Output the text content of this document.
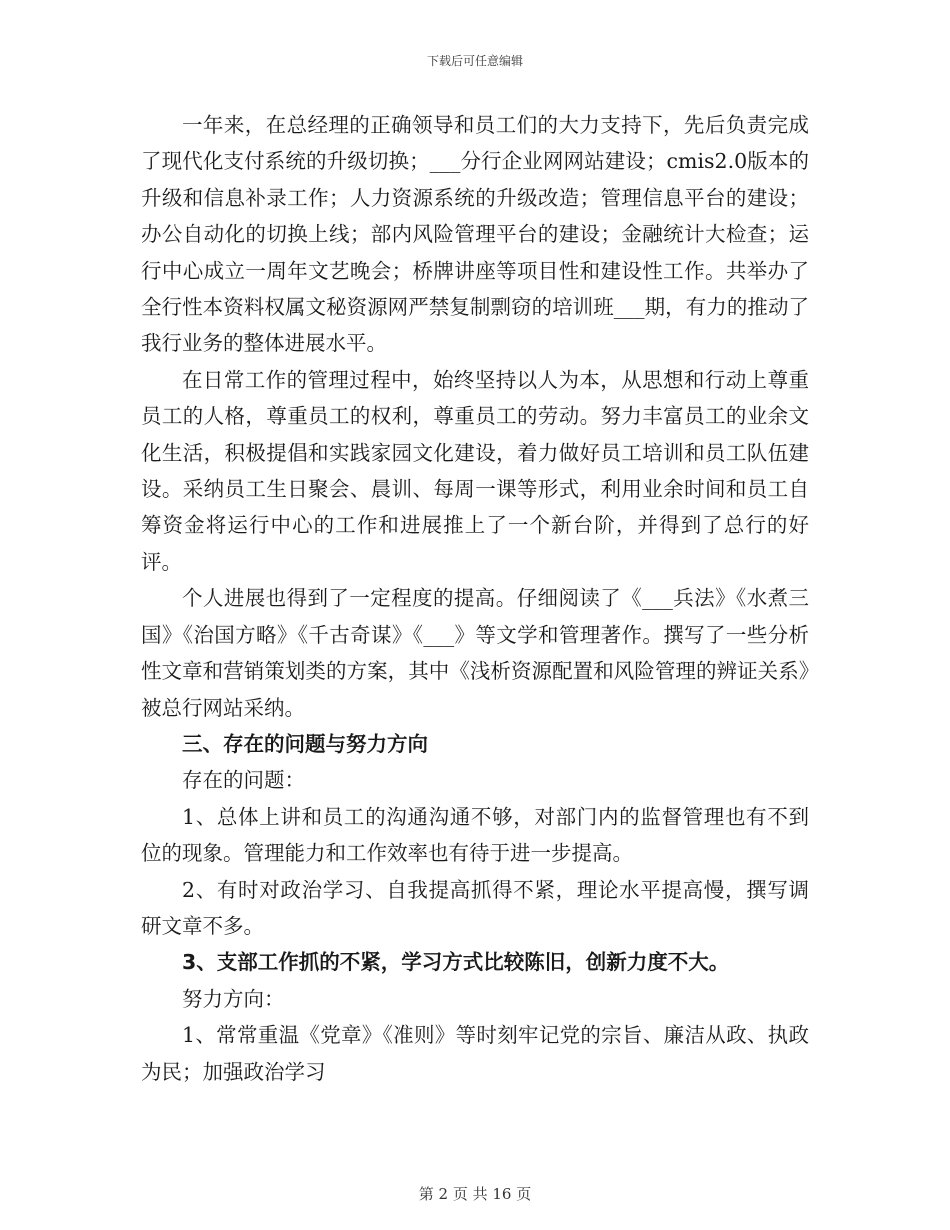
下载后可任意编辑

一年来，在总经理的正确领导和员工们的大力支持下，先后负责完成了现代化支付系统的升级切换；___分行企业网网站建设；cmis2.0版本的升级和信息补录工作；人力资源系统的升级改造；管理信息平台的建设；办公自动化的切换上线；部内风险管理平台的建设；金融统计大检查；运行中心成立一周年文艺晚会；桥牌讲座等项目性和建设性工作。共举办了全行性本资料权属文秘资源网严禁复制剽窃的培训班___期，有力的推动了我行业务的整体进展水平。

在日常工作的管理过程中，始终坚持以人为本，从思想和行动上尊重员工的人格，尊重员工的权利，尊重员工的劳动。努力丰富员工的业余文化生活，积极提倡和实践家园文化建设，着力做好员工培训和员工队伍建设。采纳员工生日聚会、晨训、每周一课等形式，利用业余时间和员工自筹资金将运行中心的工作和进展推上了一个新台阶，并得到了总行的好评。

个人进展也得到了一定程度的提高。仔细阅读了《___兵法》《水煮三国》《治国方略》《千古奇谋》《___》等文学和管理著作。撰写了一些分析性文章和营销策划类的方案，其中《浅析资源配置和风险管理的辨证关系》被总行网站采纳。

三、存在的问题与努力方向

存在的问题：

1、总体上讲和员工的沟通沟通不够，对部门内的监督管理也有不到位的现象。管理能力和工作效率也有待于进一步提高。

2、有时对政治学习、自我提高抓得不紧，理论水平提高慢，撰写调研文章不多。

3、支部工作抓的不紧，学习方式比较陈旧，创新力度不大。

努力方向：

1、常常重温《党章》《准则》等时刻牢记党的宗旨、廉洁从政、执政为民；加强政治学习

第 2 页 共 16 页
